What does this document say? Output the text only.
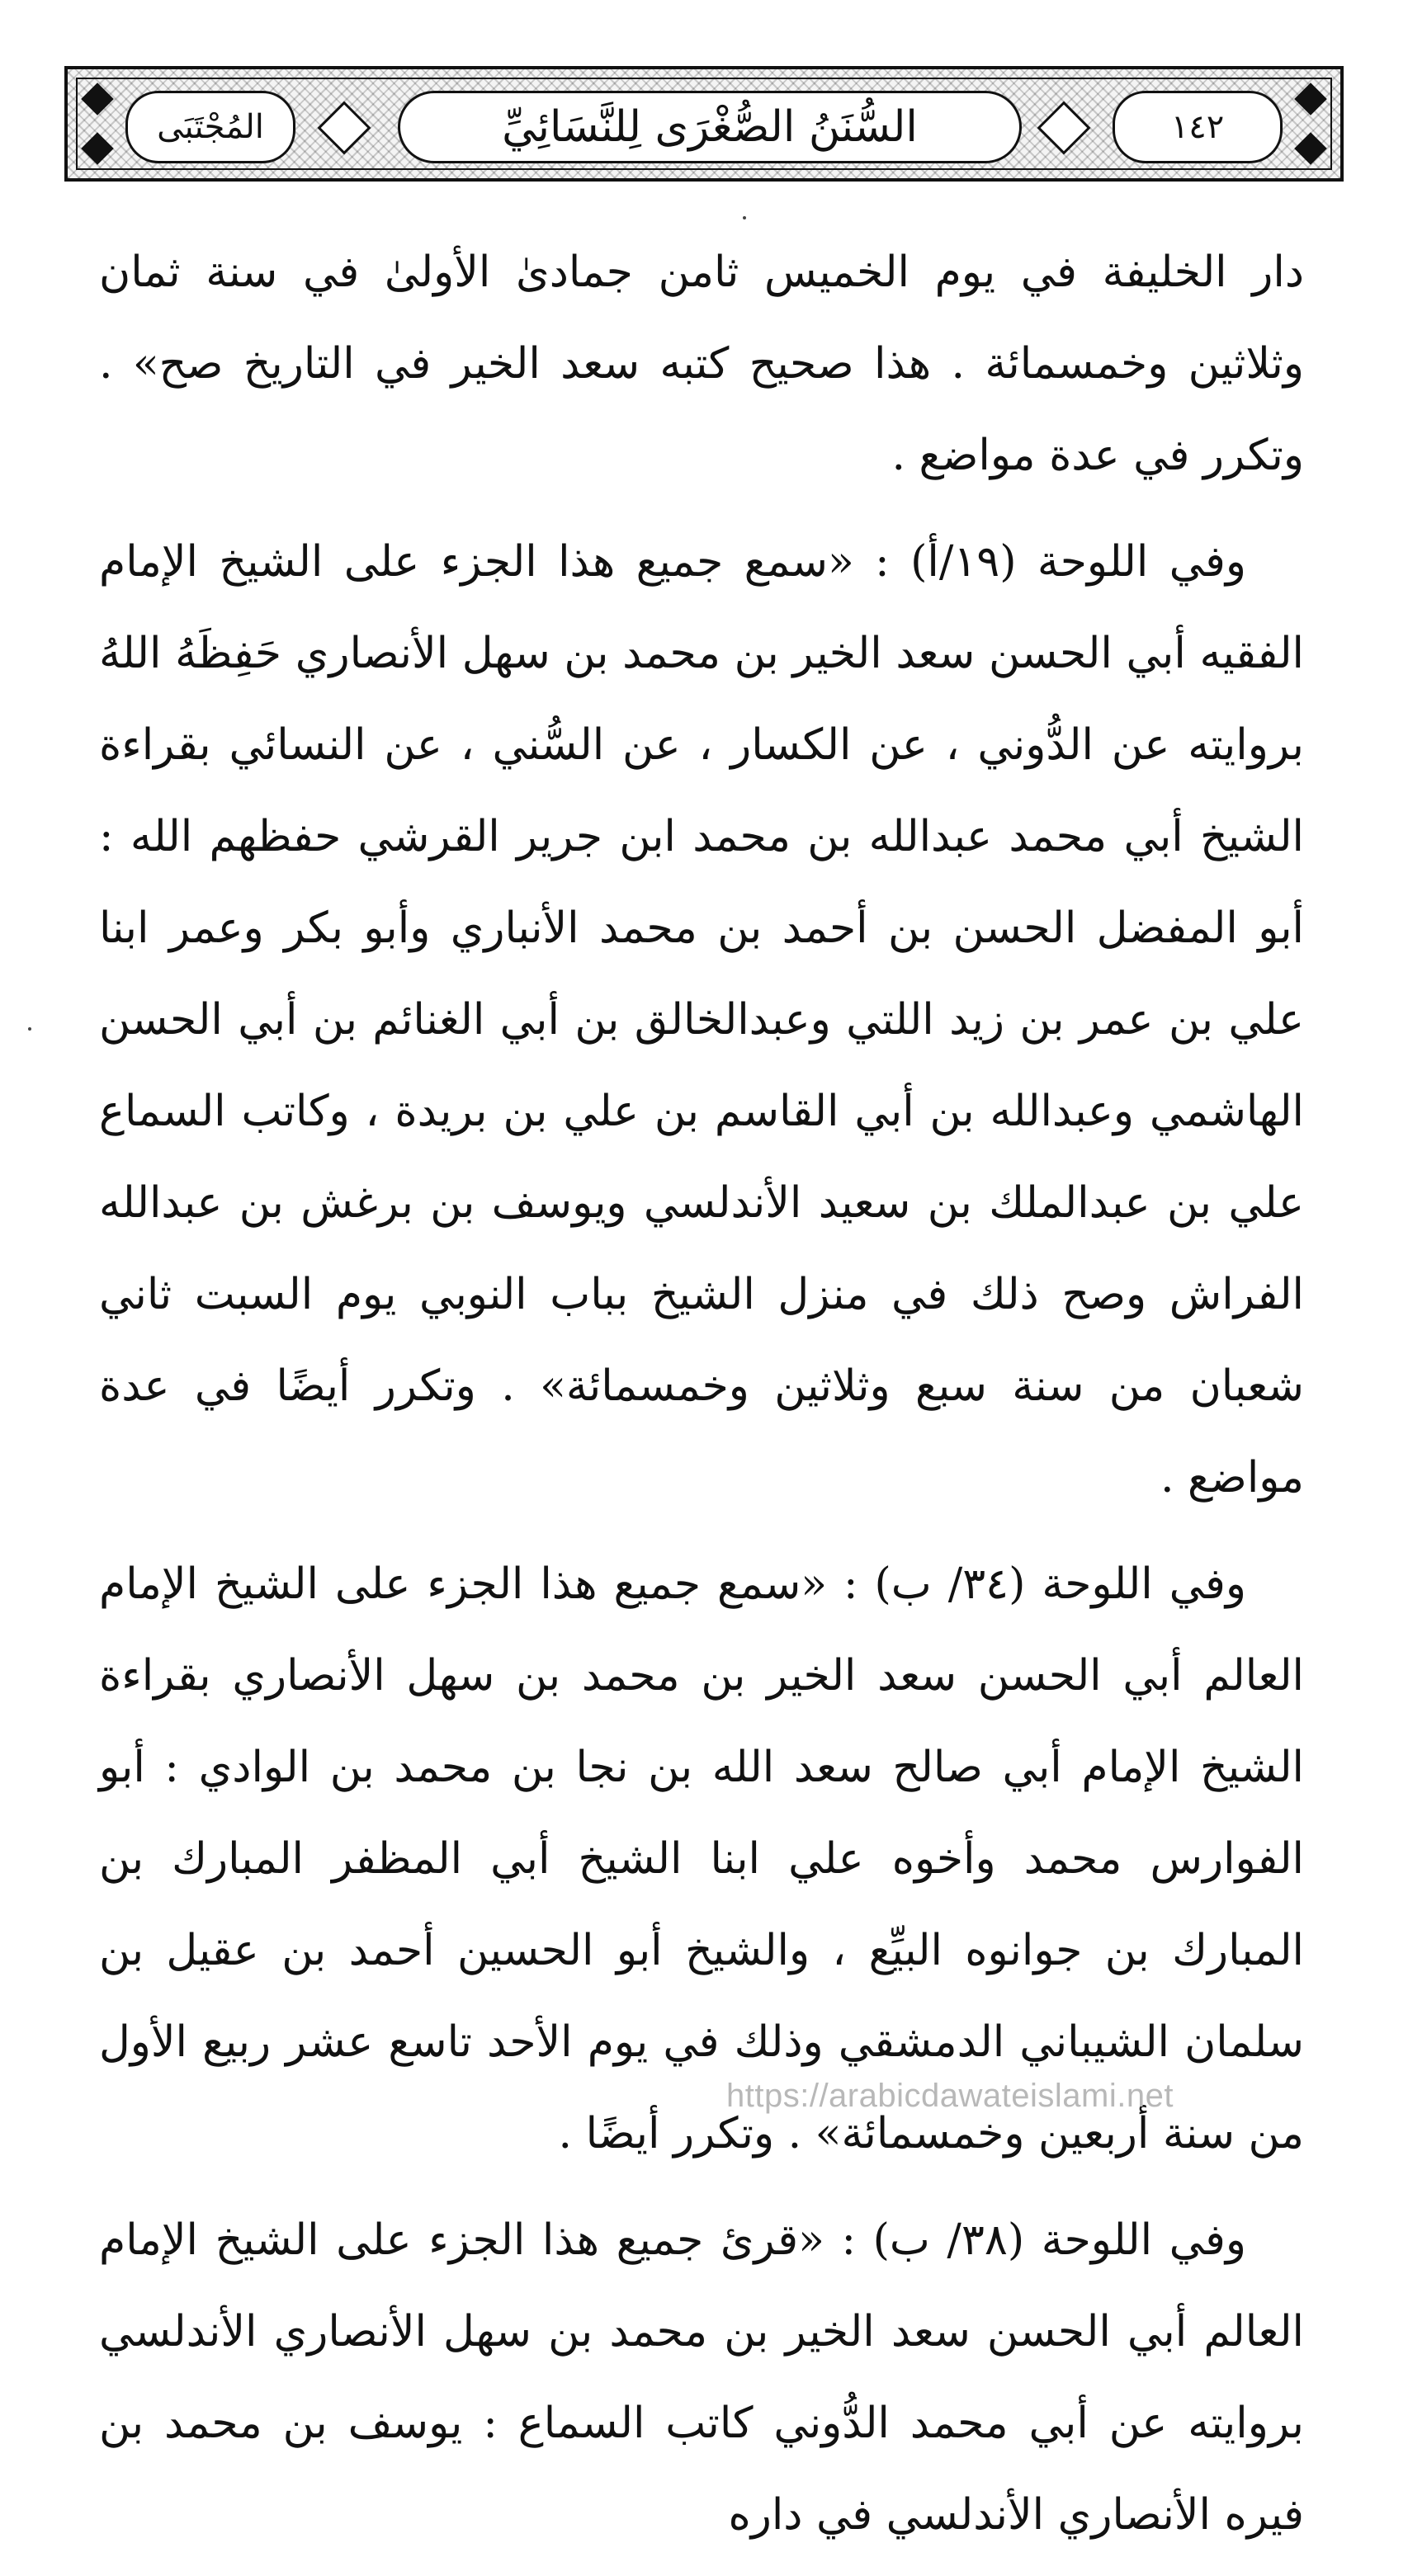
المُجْتَبَى	السُّنَنُ الصُّغْرَى لِلنَّسَائِيِّ	١٤٢

دار الخليفة في يوم الخميس ثامن جمادىٰ الأولىٰ في سنة ثمان وثلاثين وخمسمائة . هذا صحيح كتبه سعد الخير في التاريخ صح» . وتكرر في عدة مواضع .

وفي اللوحة (١٩/أ) : «سمع جميع هذا الجزء على الشيخ الإمام الفقيه أبي الحسن سعد الخير بن محمد بن سهل الأنصاري حَفِظَهُ اللهُ بروايته عن الدُّوني ، عن الكسار ، عن السُّني ، عن النسائي بقراءة الشيخ أبي محمد عبدالله بن محمد ابن جرير القرشي حفظهم الله : أبو المفضل الحسن بن أحمد بن محمد الأنباري وأبو بكر وعمر ابنا علي بن عمر بن زيد اللتي وعبدالخالق بن أبي الغنائم بن أبي الحسن الهاشمي وعبدالله بن أبي القاسم بن علي بن بريدة ، وكاتب السماع علي بن عبدالملك بن سعيد الأندلسي ويوسف بن برغش بن عبدالله الفراش وصح ذلك في منزل الشيخ بباب النوبي يوم السبت ثاني شعبان من سنة سبع وثلاثين وخمسمائة» . وتكرر أيضًا في عدة مواضع .

وفي اللوحة (٣٤/ ب) : «سمع جميع هذا الجزء على الشيخ الإمام العالم أبي الحسن سعد الخير بن محمد بن سهل الأنصاري بقراءة الشيخ الإمام أبي صالح سعد الله بن نجا بن محمد بن الوادي : أبو الفوارس محمد وأخوه علي ابنا الشيخ أبي المظفر المبارك بن المبارك بن جوانوه البيِّع ، والشيخ أبو الحسين أحمد بن عقيل بن سلمان الشيباني الدمشقي وذلك في يوم الأحد تاسع عشر ربيع الأول من سنة أربعين وخمسمائة» . وتكرر أيضًا .

وفي اللوحة (٣٨/ ب) : «قرئ جميع هذا الجزء على الشيخ الإمام العالم أبي الحسن سعد الخير بن محمد بن سهل الأنصاري الأندلسي بروايته عن أبي محمد الدُّوني كاتب السماع : يوسف بن محمد بن فيره الأنصاري الأندلسي في داره

https://arabicdawateislami.net
